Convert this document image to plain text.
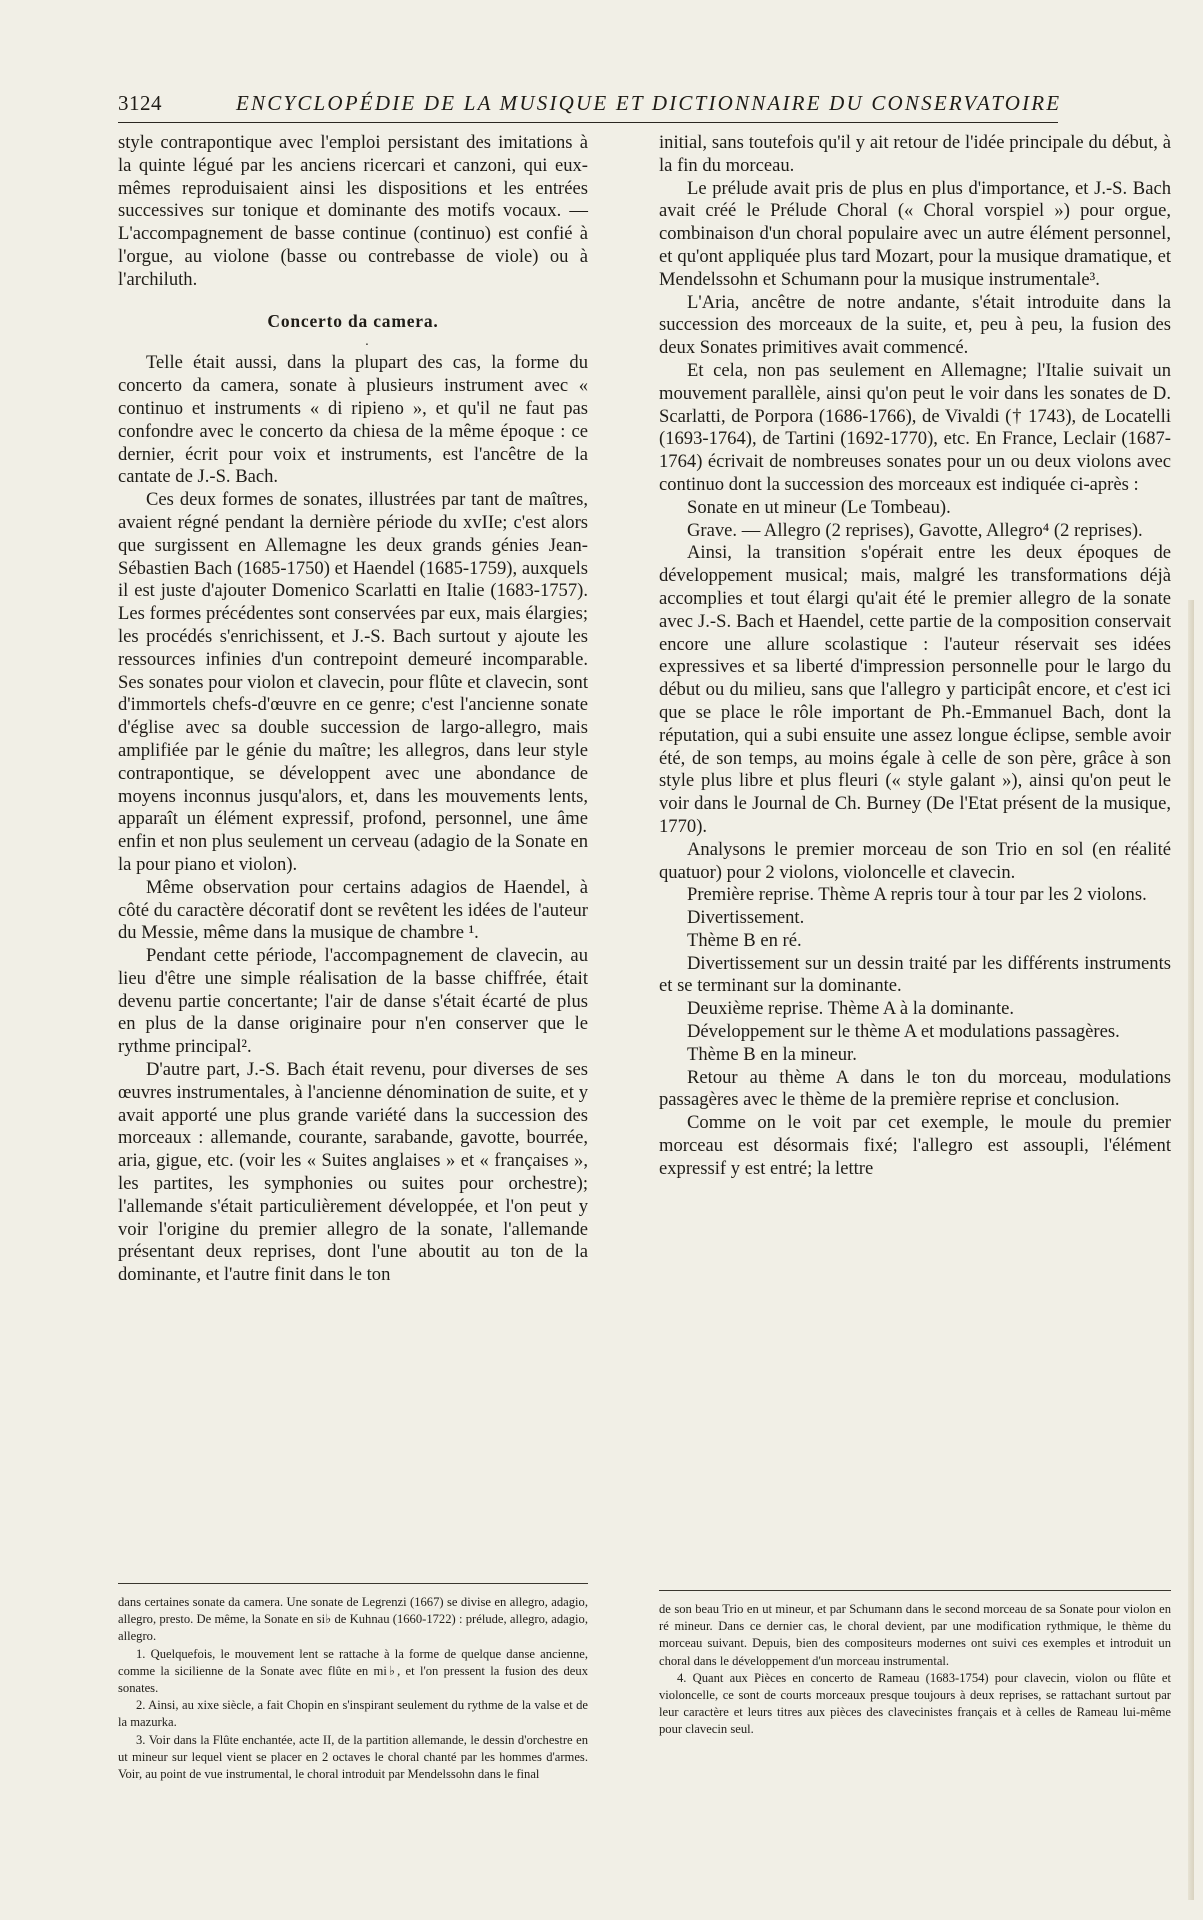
3124	ENCYCLOPÉDIE DE LA MUSIQUE ET DICTIONNAIRE DU CONSERVATOIRE

style contrapontique avec l'emploi persistant des imitations à la quinte légué par les anciens ricercari et canzoni, qui eux-mêmes reproduisaient ainsi les dispositions et les entrées successives sur tonique et dominante des motifs vocaux. — L'accompagnement de basse continue (continuo) est confié à l'orgue, au violone (basse ou contrebasse de viole) ou à l'archiluth.

Concerto da camera.

·

Telle était aussi, dans la plupart des cas, la forme du concerto da camera, sonate à plusieurs instrument avec « continuo et instruments « di ripieno », et qu'il ne faut pas confondre avec le concerto da chiesa de la même époque : ce dernier, écrit pour voix et instruments, est l'ancêtre de la cantate de J.-S. Bach.

Ces deux formes de sonates, illustrées par tant de maîtres, avaient régné pendant la dernière période du xvIIe; c'est alors que surgissent en Allemagne les deux grands génies Jean-Sébastien Bach (1685-1750) et Haendel (1685-1759), auxquels il est juste d'ajouter Domenico Scarlatti en Italie (1683-1757). Les formes précédentes sont conservées par eux, mais élargies; les procédés s'enrichissent, et J.-S. Bach surtout y ajoute les ressources infinies d'un contrepoint demeuré incomparable. Ses sonates pour violon et clavecin, pour flûte et clavecin, sont d'immortels chefs-d'œuvre en ce genre; c'est l'ancienne sonate d'église avec sa double succession de largo-allegro, mais amplifiée par le génie du maître; les allegros, dans leur style contrapontique, se développent avec une abondance de moyens inconnus jusqu'alors, et, dans les mouvements lents, apparaît un élément expressif, profond, personnel, une âme enfin et non plus seulement un cerveau (adagio de la Sonate en la pour piano et violon).

Même observation pour certains adagios de Haendel, à côté du caractère décoratif dont se revêtent les idées de l'auteur du Messie, même dans la musique de chambre ¹.

Pendant cette période, l'accompagnement de clavecin, au lieu d'être une simple réalisation de la basse chiffrée, était devenu partie concertante; l'air de danse s'était écarté de plus en plus de la danse originaire pour n'en conserver que le rythme principal².

D'autre part, J.-S. Bach était revenu, pour diverses de ses œuvres instrumentales, à l'ancienne dénomination de suite, et y avait apporté une plus grande variété dans la succession des morceaux : allemande, courante, sarabande, gavotte, bourrée, aria, gigue, etc. (voir les « Suites anglaises » et « françaises », les partites, les symphonies ou suites pour orchestre); l'allemande s'était particulièrement développée, et l'on peut y voir l'origine du premier allegro de la sonate, l'allemande présentant deux reprises, dont l'une aboutit au ton de la dominante, et l'autre finit dans le ton

initial, sans toutefois qu'il y ait retour de l'idée principale du début, à la fin du morceau.

Le prélude avait pris de plus en plus d'importance, et J.-S. Bach avait créé le Prélude Choral (« Choral vorspiel ») pour orgue, combinaison d'un choral populaire avec un autre élément personnel, et qu'ont appliquée plus tard Mozart, pour la musique dramatique, et Mendelssohn et Schumann pour la musique instrumentale³.

L'Aria, ancêtre de notre andante, s'était introduite dans la succession des morceaux de la suite, et, peu à peu, la fusion des deux Sonates primitives avait commencé.

Et cela, non pas seulement en Allemagne; l'Italie suivait un mouvement parallèle, ainsi qu'on peut le voir dans les sonates de D. Scarlatti, de Porpora (1686-1766), de Vivaldi († 1743), de Locatelli (1693-1764), de Tartini (1692-1770), etc. En France, Leclair (1687-1764) écrivait de nombreuses sonates pour un ou deux violons avec continuo dont la succession des morceaux est indiquée ci-après :

Sonate en ut mineur (Le Tombeau).

Grave. — Allegro (2 reprises), Gavotte, Allegro⁴ (2 reprises).

Ainsi, la transition s'opérait entre les deux époques de développement musical; mais, malgré les transformations déjà accomplies et tout élargi qu'ait été le premier allegro de la sonate avec J.-S. Bach et Haendel, cette partie de la composition conservait encore une allure scolastique : l'auteur réservait ses idées expressives et sa liberté d'impression personnelle pour le largo du début ou du milieu, sans que l'allegro y participât encore, et c'est ici que se place le rôle important de Ph.-Emmanuel Bach, dont la réputation, qui a subi ensuite une assez longue éclipse, semble avoir été, de son temps, au moins égale à celle de son père, grâce à son style plus libre et plus fleuri (« style galant »), ainsi qu'on peut le voir dans le Journal de Ch. Burney (De l'Etat présent de la musique, 1770).

Analysons le premier morceau de son Trio en sol (en réalité quatuor) pour 2 violons, violoncelle et clavecin.

Première reprise. Thème A repris tour à tour par les 2 violons.

Divertissement.

Thème B en ré.

Divertissement sur un dessin traité par les différents instruments et se terminant sur la dominante.

Deuxième reprise. Thème A à la dominante.

Développement sur le thème A et modulations passagères.

Thème B en la mineur.

Retour au thème A dans le ton du morceau, modulations passagères avec le thème de la première reprise et conclusion.

Comme on le voit par cet exemple, le moule du premier morceau est désormais fixé; l'allegro est assoupli, l'élément expressif y est entré; la lettre

dans certaines sonate da camera. Une sonate de Legrenzi (1667) se divise en allegro, adagio, allegro, presto. De même, la Sonate en si♭ de Kuhnau (1660-1722) : prélude, allegro, adagio, allegro.

1. Quelquefois, le mouvement lent se rattache à la forme de quelque danse ancienne, comme la sicilienne de la Sonate avec flûte en mi♭, et l'on pressent la fusion des deux sonates.

2. Ainsi, au xixe siècle, a fait Chopin en s'inspirant seulement du rythme de la valse et de la mazurka.

3. Voir dans la Flûte enchantée, acte II, de la partition allemande, le dessin d'orchestre en ut mineur sur lequel vient se placer en 2 octaves le choral chanté par les hommes d'armes. Voir, au point de vue instrumental, le choral introduit par Mendelssohn dans le final

de son beau Trio en ut mineur, et par Schumann dans le second morceau de sa Sonate pour violon en ré mineur. Dans ce dernier cas, le choral devient, par une modification rythmique, le thème du morceau suivant. Depuis, bien des compositeurs modernes ont suivi ces exemples et introduit un choral dans le développement d'un morceau instrumental.

4. Quant aux Pièces en concerto de Rameau (1683-1754) pour clavecin, violon ou flûte et violoncelle, ce sont de courts morceaux presque toujours à deux reprises, se rattachant surtout par leur caractère et leurs titres aux pièces des clavecinistes français et à celles de Rameau lui-même pour clavecin seul.
